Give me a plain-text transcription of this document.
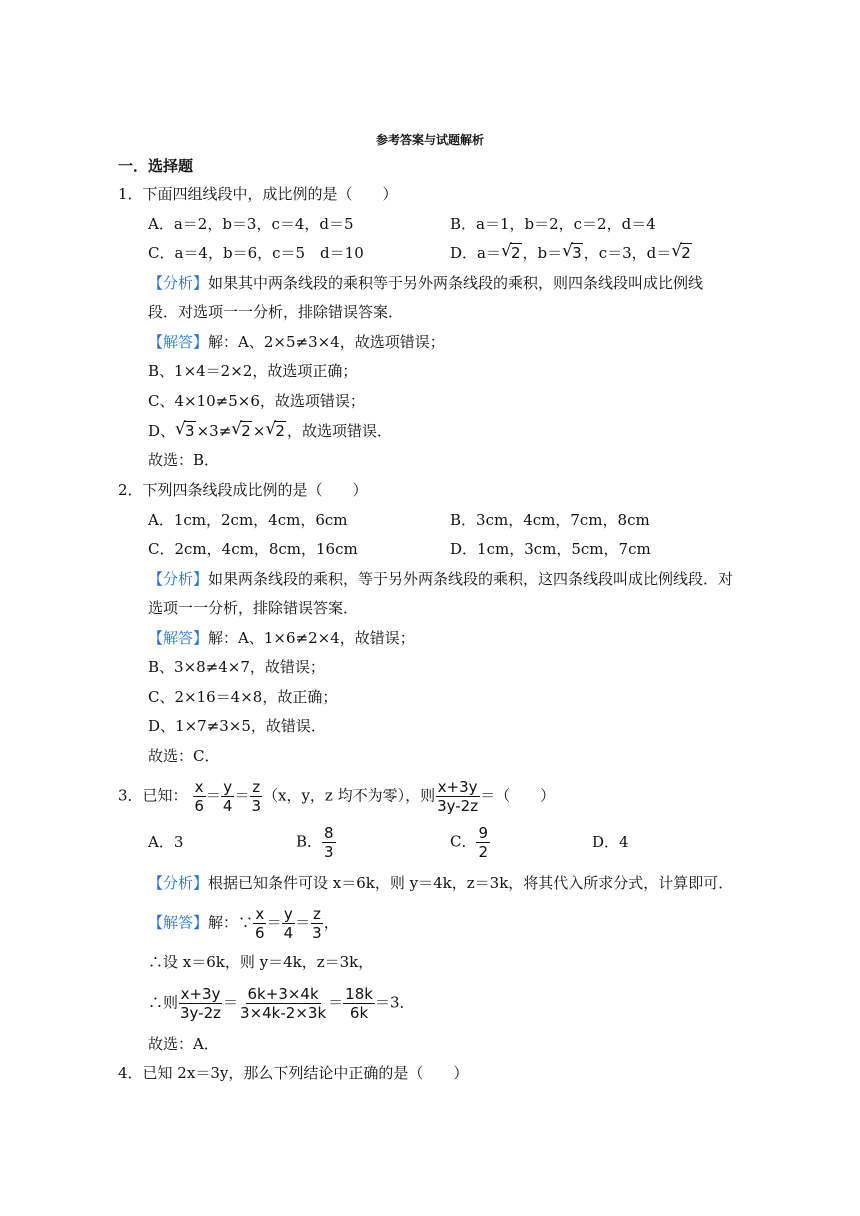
参考答案与试题解析
一．选择题
1．下面四组线段中，成比例的是（　　）
A．a＝2，b＝3，c＝4，d＝5	B．a＝1，b＝2，c＝2，d＝4
C．a＝4，b＝6，c＝5　d＝10	D．a＝ √ 2 ，b＝ √ 3 ，c＝3，d＝ √ 2
【分析】如果其中两条线段的乘积等于另外两条线段的乘积，则四条线段叫成比例线
段．对选项一一分析，排除错误答案．
【解答】解：A、2×5≠3×4，故选项错误；
B、1×4＝2×2，故选项正确；
C、4×10≠5×6，故选项错误；
D、 √ 3 ×3≠ √ 2 × √ 2 ，故选项错误．
故选：B．
2．下列四条线段成比例的是（　　）
A．1cm，2cm，4cm，6cm	B．3cm，4cm，7cm，8cm
C．2cm，4cm，8cm，16cm	D．1cm，3cm，5cm，7cm
【分析】如果两条线段的乘积，等于另外两条线段的乘积，这四条线段叫成比例线段．对
选项一一分析，排除错误答案．
【解答】解：A、1×6≠2×4，故错误；
B、3×8≠4×7，故错误；
C、2×16＝4×8，故正确；
D、1×7≠3×5，故错误．
故选：C．
3．已知： $\frac{x}{6} = \frac{y}{4} = \frac{z}{3} (x$，y，z 均不为零），则 $\frac{x+3y}{3y-2z}$ ＝（　　）
A．3	B． $\frac{8}{3}$	C． $\frac{9}{2}$	D．4
【分析】根据已知条件可设 x＝6k，则 y＝4k，z＝3k，将其代入所求分式，计算即可．
【解答】解：∵ $\frac{x}{6} = \frac{y}{4} = \frac{z}{3}$ ，
∴设 x＝6k，则 y＝4k，z＝3k，
∴则 $\frac{x+3y}{3y-2z} = \frac{6k+3\times 4k}{3\times 4k-2\times 3k} = \frac{18k}{6k} =3$．
故选：A．
4．已知 2x＝3y，那么下列结论中正确的是（　　）
